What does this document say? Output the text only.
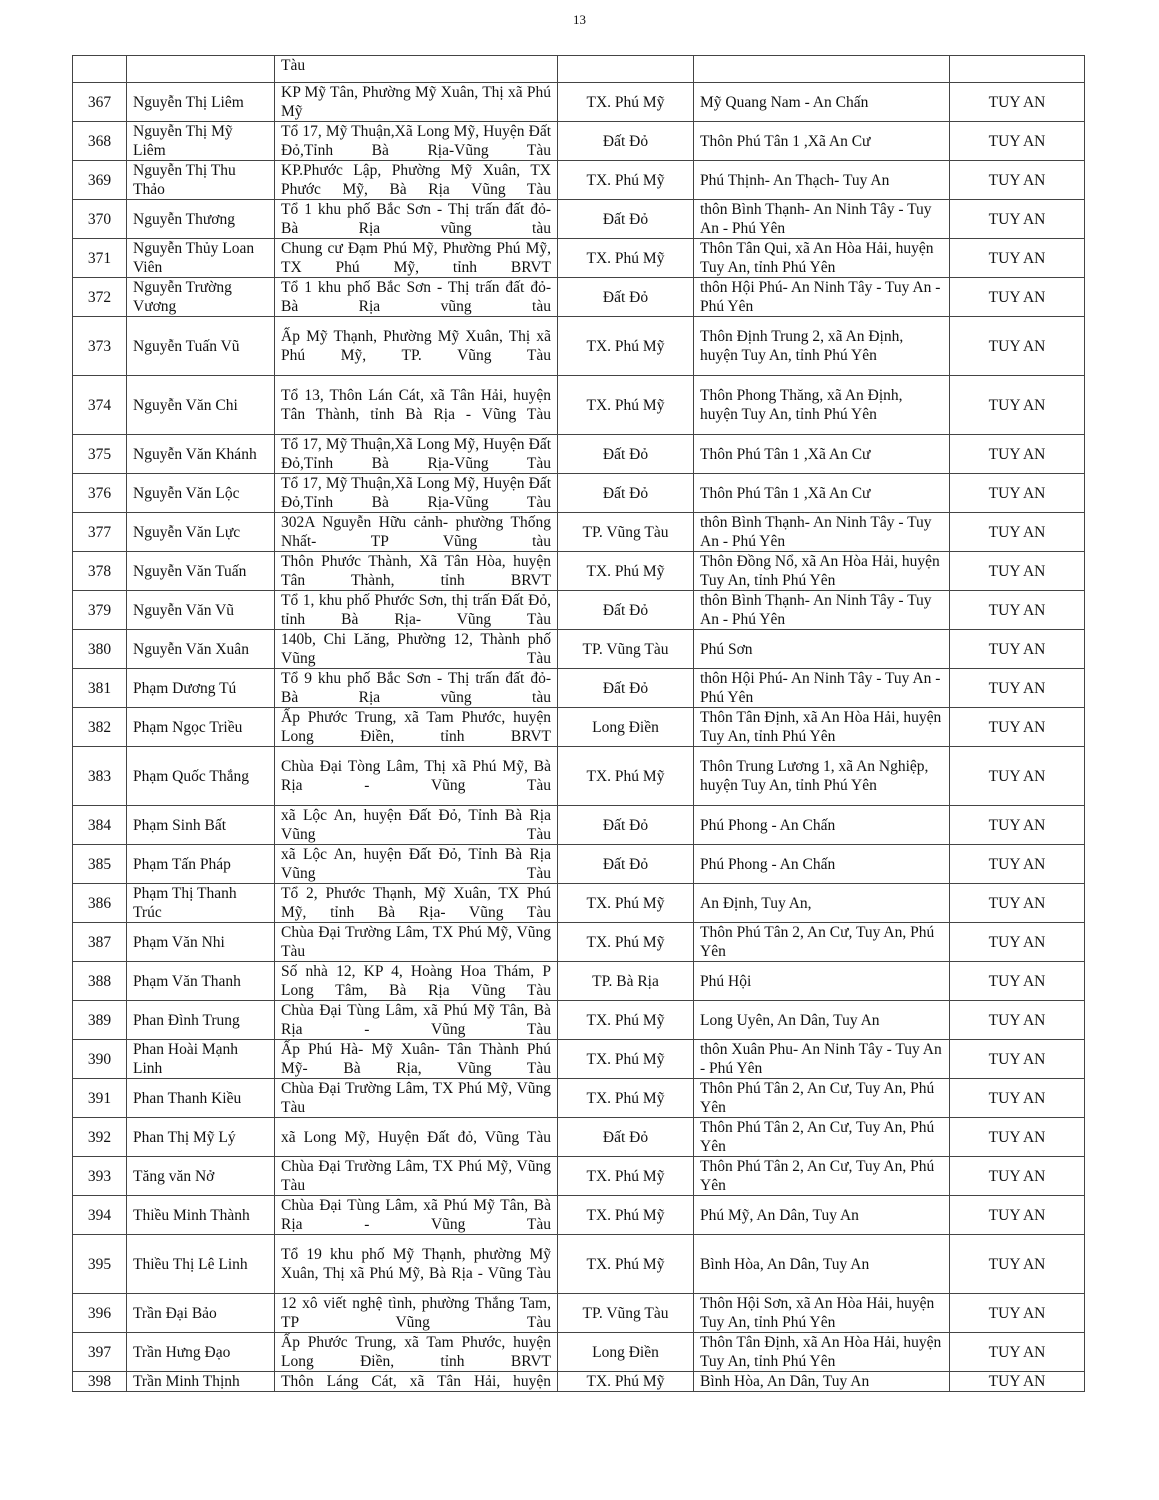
13
		Tàu			
367	Nguyễn Thị Liêm	KP Mỹ Tân, Phường Mỹ Xuân, Thị xã Phú Mỹ	TX. Phú Mỹ	Mỹ Quang Nam - An Chấn	TUY AN
368	Nguyễn Thị Mỹ Liêm	Tổ 17, Mỹ Thuận,Xã Long Mỹ, Huyện Đất Đỏ,Tỉnh Bà Rịa-Vũng Tàu	Đất Đỏ	Thôn Phú Tân 1 ,Xã An Cư	TUY AN
369	Nguyễn Thị Thu Thảo	KP.Phước Lập, Phường Mỹ Xuân, TX Phước Mỹ, Bà Rịa Vũng Tàu	TX. Phú Mỹ	Phú Thịnh- An Thạch- Tuy An	TUY AN
370	Nguyễn Thương	Tổ 1 khu phố Bắc Sơn - Thị trấn đất đỏ- Bà Rịa vũng tàu	Đất Đỏ	thôn Bình Thạnh- An Ninh Tây - Tuy An - Phú Yên	TUY AN
371	Nguyễn Thủy Loan Viên	Chung cư Đạm Phú Mỹ, Phường Phú Mỹ, TX Phú Mỹ, tỉnh BRVT	TX. Phú Mỹ	Thôn Tân Qui, xã An Hòa Hải, huyện Tuy An, tỉnh Phú Yên	TUY AN
372	Nguyễn Trường Vương	Tổ 1 khu phố Bắc Sơn - Thị trấn đất đỏ- Bà Rịa vũng tàu	Đất Đỏ	thôn Hội Phú- An Ninh Tây - Tuy An - Phú Yên	TUY AN
373	Nguyễn Tuấn Vũ	Ấp Mỹ Thạnh, Phường Mỹ Xuân, Thị xã Phú Mỹ, TP. Vũng Tàu	TX. Phú Mỹ	Thôn Định Trung 2, xã An Định, huyện Tuy An, tỉnh Phú Yên	TUY AN
374	Nguyễn Văn Chi	Tổ 13, Thôn Lán Cát, xã Tân Hải, huyện Tân Thành, tỉnh Bà Rịa - Vũng Tàu	TX. Phú Mỹ	Thôn Phong Thăng, xã An Định, huyện Tuy An, tỉnh Phú Yên	TUY AN
375	Nguyễn Văn Khánh	Tổ 17, Mỹ Thuận,Xã Long Mỹ, Huyện Đất Đỏ,Tỉnh Bà Rịa-Vũng Tàu	Đất Đỏ	Thôn Phú Tân 1 ,Xã An Cư	TUY AN
376	Nguyễn Văn Lộc	Tổ 17, Mỹ Thuận,Xã Long Mỹ, Huyện Đất Đỏ,Tỉnh Bà Rịa-Vũng Tàu	Đất Đỏ	Thôn Phú Tân 1 ,Xã An Cư	TUY AN
377	Nguyễn Văn Lực	302A Nguyễn Hữu cảnh- phường Thống Nhất- TP Vũng tàu	TP. Vũng Tàu	thôn Bình Thạnh- An Ninh Tây - Tuy An - Phú Yên	TUY AN
378	Nguyễn Văn Tuấn	Thôn Phước Thành, Xã Tân Hòa, huyện Tân Thành, tỉnh BRVT	TX. Phú Mỹ	Thôn Đồng Nổ, xã An Hòa Hải, huyện Tuy An, tỉnh Phú Yên	TUY AN
379	Nguyễn Văn Vũ	Tổ 1, khu phố Phước Sơn, thị trấn Đất Đỏ, tỉnh Bà Rịa- Vũng Tàu	Đất Đỏ	thôn Bình Thạnh- An Ninh Tây - Tuy An - Phú Yên	TUY AN
380	Nguyễn Văn Xuân	140b, Chi Lăng, Phường 12, Thành phố Vũng Tàu	TP. Vũng Tàu	Phú Sơn	TUY AN
381	Phạm Dương Tú	Tổ 9 khu phố Bắc Sơn - Thị trấn đất đỏ- Bà Rịa vũng tàu	Đất Đỏ	thôn Hội Phú- An Ninh Tây - Tuy An - Phú Yên	TUY AN
382	Phạm Ngọc Triều	Ấp Phước Trung, xã Tam Phước, huyện Long Điền, tỉnh BRVT	Long Điền	Thôn Tân Định, xã An Hòa Hải, huyện Tuy An, tỉnh Phú Yên	TUY AN
383	Phạm Quốc Thắng	Chùa Đại Tòng Lâm, Thị xã Phú Mỹ, Bà Rịa - Vũng Tàu	TX. Phú Mỹ	Thôn Trung Lương 1, xã An Nghiệp, huyện Tuy An, tỉnh Phú Yên	TUY AN
384	Phạm Sinh Bất	xã Lộc An, huyện Đất Đỏ, Tỉnh Bà Rịa Vũng Tàu	Đất Đỏ	Phú Phong - An Chấn	TUY AN
385	Phạm Tấn Pháp	xã Lộc An, huyện Đất Đỏ, Tỉnh Bà Rịa Vũng Tàu	Đất Đỏ	Phú Phong - An Chấn	TUY AN
386	Phạm Thị Thanh Trúc	Tổ 2, Phước Thạnh, Mỹ Xuân, TX Phú Mỹ, tỉnh Bà Rịa- Vũng Tàu	TX. Phú Mỹ	An Định, Tuy An,	TUY AN
387	Phạm Văn Nhi	Chùa Đại Trường Lâm, TX Phú Mỹ, Vũng Tàu	TX. Phú Mỹ	Thôn Phú Tân 2, An Cư, Tuy An, Phú Yên	TUY AN
388	Phạm Văn Thanh	Số nhà 12, KP 4, Hoàng Hoa Thám, P Long Tâm, Bà Rịa Vũng Tàu	TP. Bà Rịa	Phú Hội	TUY AN
389	Phan Đình Trung	Chùa Đại Tùng Lâm, xã Phú Mỹ Tân, Bà Rịa - Vũng Tàu	TX. Phú Mỹ	Long Uyên, An Dân, Tuy An	TUY AN
390	Phan Hoài Mạnh Linh	Ấp Phú Hà- Mỹ Xuân- Tân Thành Phú Mỹ- Bà Rịa, Vũng Tàu	TX. Phú Mỹ	thôn Xuân Phu- An Ninh Tây - Tuy An - Phú Yên	TUY AN
391	Phan Thanh Kiều	Chùa Đại Trường Lâm, TX Phú Mỹ, Vũng Tàu	TX. Phú Mỹ	Thôn Phú Tân 2, An Cư, Tuy An, Phú Yên	TUY AN
392	Phan Thị Mỹ Lý	xã Long Mỹ, Huyện Đất đỏ, Vũng Tàu	Đất Đỏ	Thôn Phú Tân 2, An Cư, Tuy An, Phú Yên	TUY AN
393	Tăng văn Nở	Chùa Đại Trường Lâm, TX Phú Mỹ, Vũng Tàu	TX. Phú Mỹ	Thôn Phú Tân 2, An Cư, Tuy An, Phú Yên	TUY AN
394	Thiều Minh Thành	Chùa Đại Tùng Lâm, xã Phú Mỹ Tân, Bà Rịa - Vũng Tàu	TX. Phú Mỹ	Phú Mỹ, An Dân, Tuy An	TUY AN
395	Thiều Thị Lê Linh	Tổ 19 khu phố Mỹ Thạnh, phường Mỹ Xuân, Thị xã Phú Mỹ, Bà Rịa - Vũng Tàu	TX. Phú Mỹ	Bình Hòa, An Dân, Tuy An	TUY AN
396	Trần Đại Bảo	12 xô viết nghệ tình, phường Thắng Tam, TP Vũng Tàu	TP. Vũng Tàu	Thôn Hội Sơn, xã An Hòa Hải, huyện Tuy An, tỉnh Phú Yên	TUY AN
397	Trần Hưng Đạo	Ấp Phước Trung, xã Tam Phước, huyện Long Điền, tỉnh BRVT	Long Điền	Thôn Tân Định, xã An Hòa Hải, huyện Tuy An, tỉnh Phú Yên	TUY AN
398	Trần Minh Thịnh	Thôn Láng Cát, xã Tân Hải, huyện	TX. Phú Mỹ	Bình Hòa, An Dân, Tuy An	TUY AN
